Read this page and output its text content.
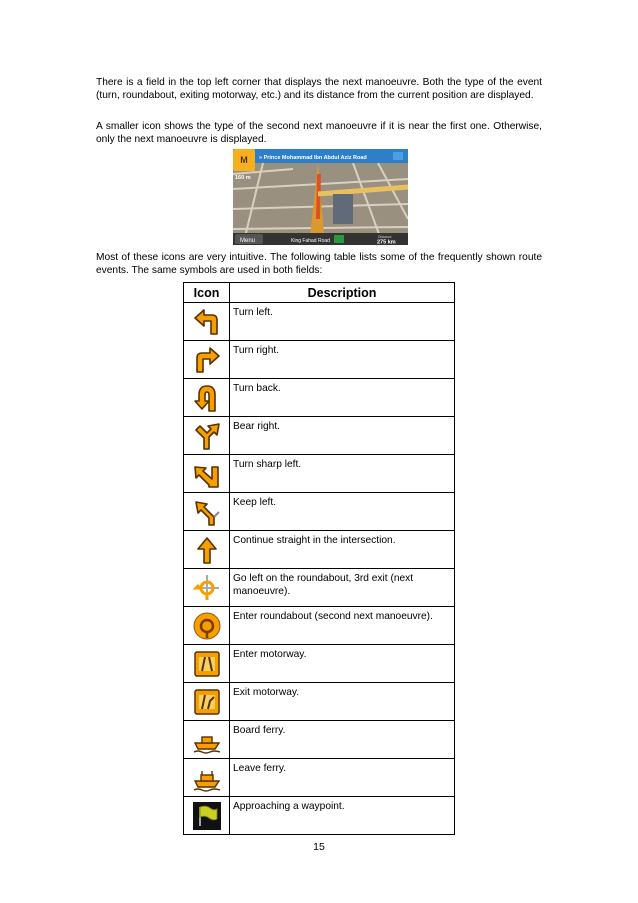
There is a field in the top left corner that displays the next manoeuvre. Both the type of the event (turn, roundabout, exiting motorway, etc.) and its distance from the current position are displayed.

A smaller icon shows the type of the second next manoeuvre if it is near the first one. Otherwise, only the next manoeuvre is displayed.

M » Prince Mohammad Ibn Abdul Aziz Road
160 m
Menu	King Fahad Road
Distance
275 km

Most of these icons are very intuitive. The following table lists some of the frequently shown route events. The same symbols are used in both fields:

Icon	Description

	Turn left.

	Turn right.

	Turn back.

	Bear right.

	Turn sharp left.

	Keep left.

	Continue straight in the intersection.

	Go left on the roundabout, 3rd exit (next manoeuvre).

	Enter roundabout (second next manoeuvre).

	Enter motorway.

	Exit motorway.

	Board ferry.

	Leave ferry.

	Approaching a waypoint.
15
